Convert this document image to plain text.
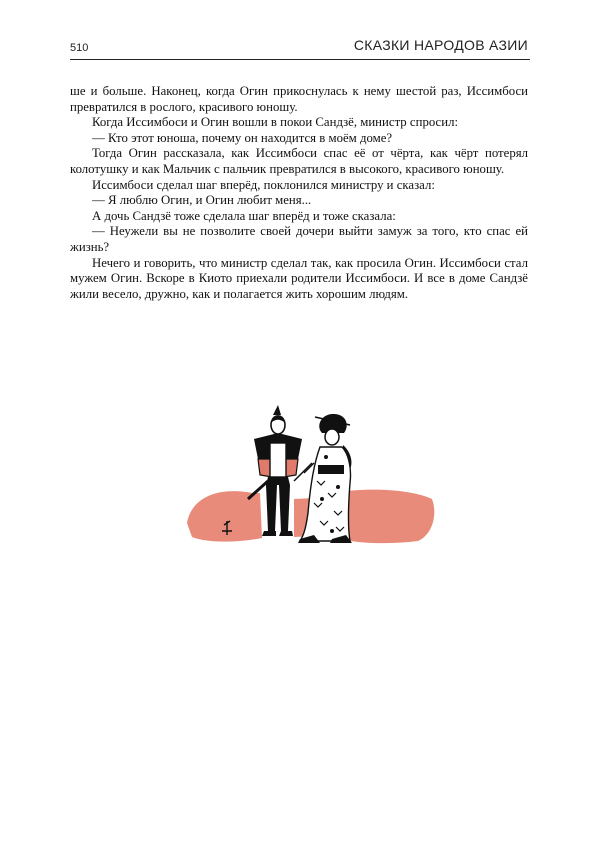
510	СКАЗКИ НАРОДОВ АЗИИ

ше и больше. Наконец, когда Огин прикоснулась к нему шестой раз, Иссимбоси превратился в рослого, красивого юношу.

Когда Иссимбоси и Огин вошли в покои Сандзё, министр спросил:

— Кто этот юноша, почему он находится в моём доме?

Тогда Огин рассказала, как Иссимбоси спас её от чёрта, как чёрт потерял колотушку и как Мальчик с пальчик превратился в высокого, красивого юношу.

Иссимбоси сделал шаг вперёд, поклонился министру и сказал:

— Я люблю Огин, и Огин любит меня...

А дочь Сандзё тоже сделала шаг вперёд и тоже сказала:

— Неужели вы не позволите своей дочери выйти замуж за того, кто спас ей жизнь?

Нечего и говорить, что министр сделал так, как просила Огин. Иссимбоси стал мужем Огин. Вскоре в Киото приехали родители Иссимбоси. И все в доме Сандзё жили весело, дружно, как и полагается жить хорошим людям.
